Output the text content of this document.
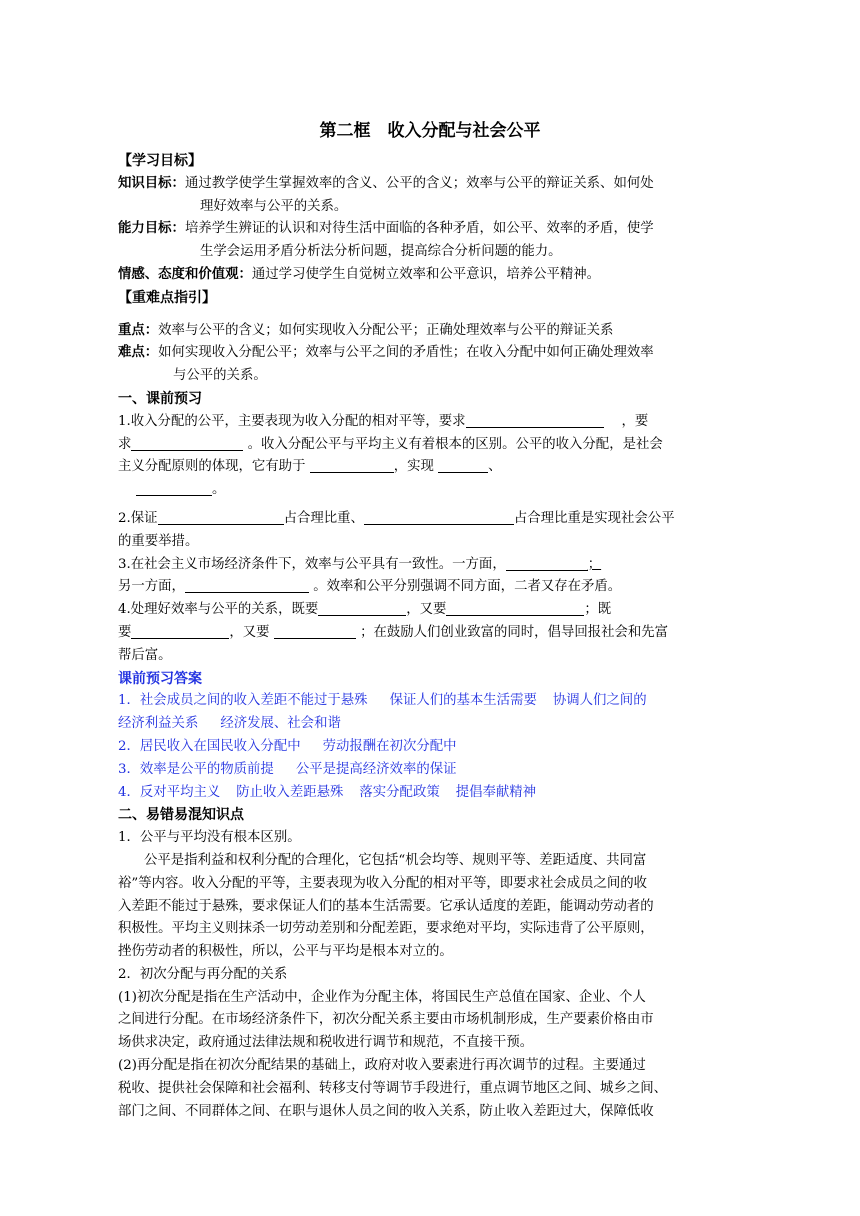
第二框　收入分配与社会公平
【学习目标】
知识目标：通过教学使学生掌握效率的含义、公平的含义；效率与公平的辩证关系、如何处
理好效率与公平的关系。
能力目标：培养学生辨证的认识和对待生活中面临的各种矛盾，如公平、效率的矛盾，使学
生学会运用矛盾分析法分析问题，提高综合分析问题的能力。
情感、态度和价值观：通过学习使学生自觉树立效率和公平意识，培养公平精神。
【重难点指引】
重点：效率与公平的含义；如何实现收入分配公平；正确处理效率与公平的辩证关系
难点：如何实现收入分配公平；效率与公平之间的矛盾性；在收入分配中如何正确处理效率
与公平的关系。
一、课前预习
1.收入分配的公平，主要表现为收入分配的相对平等，要求	，要
求	。收入分配公平与平均主义有着根本的区别。公平的收入分配，是社会
主义分配原则的体现，它有助于	，实现	、
。
2.保证	占合理比重、	占合理比重是实现社会公平
的重要举措。
3.在社会主义市场经济条件下，效率与公平具有一致性。一方面，	；
另一方面，	。效率和公平分别强调不同方面，二者又存在矛盾。
4.处理好效率与公平的关系，既要	，又要	；既
要	，又要	；在鼓励人们创业致富的同时，倡导回报社会和先富
帮后富。
课前预习答案
1．社会成员之间的收入差距不能过于悬殊 保证人们的基本生活需要 协调人们之间的
经济利益关系 经济发展、社会和谐
2．居民收入在国民收入分配中 劳动报酬在初次分配中
3．效率是公平的物质前提 公平是提高经济效率的保证
4．反对平均主义 防止收入差距悬殊 落实分配政策 提倡奉献精神
二、易错易混知识点
1．公平与平均没有根本区别。
公平是指利益和权利分配的合理化，它包括“机会均等、规则平等、差距适度、共同富
裕”等内容。收入分配的平等，主要表现为收入分配的相对平等，即要求社会成员之间的收
入差距不能过于悬殊，要求保证人们的基本生活需要。它承认适度的差距，能调动劳动者的
积极性。平均主义则抹杀一切劳动差别和分配差距，要求绝对平均，实际违背了公平原则，
挫伤劳动者的积极性，所以，公平与平均是根本对立的。
2．初次分配与再分配的关系
(1)初次分配是指在生产活动中，企业作为分配主体，将国民生产总值在国家、企业、个人
之间进行分配。在市场经济条件下，初次分配关系主要由市场机制形成，生产要素价格由市
场供求决定，政府通过法律法规和税收进行调节和规范，不直接干预。
(2)再分配是指在初次分配结果的基础上，政府对收入要素进行再次调节的过程。主要通过
税收、提供社会保障和社会福利、转移支付等调节手段进行，重点调节地区之间、城乡之间、
部门之间、不同群体之间、在职与退休人员之间的收入关系，防止收入差距过大，保障低收
